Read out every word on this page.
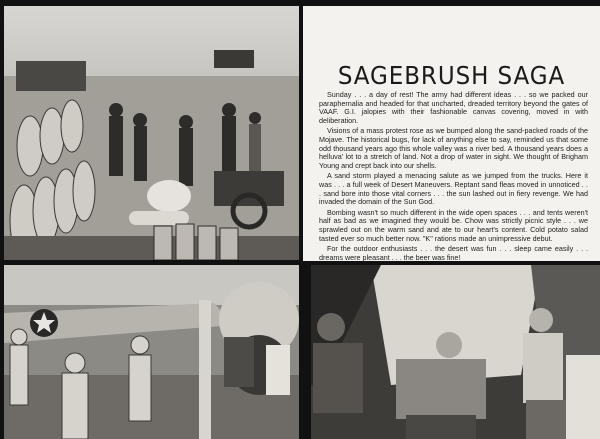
SAGEBRUSH SAGA

Sunday . . . a day of rest! The army had different ideas . . . so we packed our paraphernalia and headed for that uncharted, dreaded territory beyond the gates of VAAF. G.I. jalopies with their fashionable canvas covering, moved in with deliberation.

Visions of a mass protest rose as we bumped along the sand-packed roads of the Mojave. The historical bugs, for lack of anything else to say, reminded us that some odd thousand years ago this whole valley was a river bed. A thousand years does a helluva' lot to a stretch of land. Not a drop of water in sight. We thought of Brigham Young and crept back into our shells.

A sand storm played a menacing salute as we jumped from the trucks. Here it was . . . a full week of Desert Maneuvers. Reptant sand fleas moved in unnoticed . . . sand bore into those vital corners . . . the sun lashed out in fiery revenge. We had invaded the domain of the Sun God.

Bombing wasn't so much different in the wide open spaces . . . and tents weren't half as bad as we imagined they would be. Chow was strictly picnic style . . . we sprawled out on the warm sand and ate to our heart's content. Cold potato salad tasted ever so much better now. "K" rations made an unimpressive debut.

For the outdoor enthusiasts . . . the desert was fun . . . sleep came easily . . . dreams were pleasant . . . the beer was fine!
